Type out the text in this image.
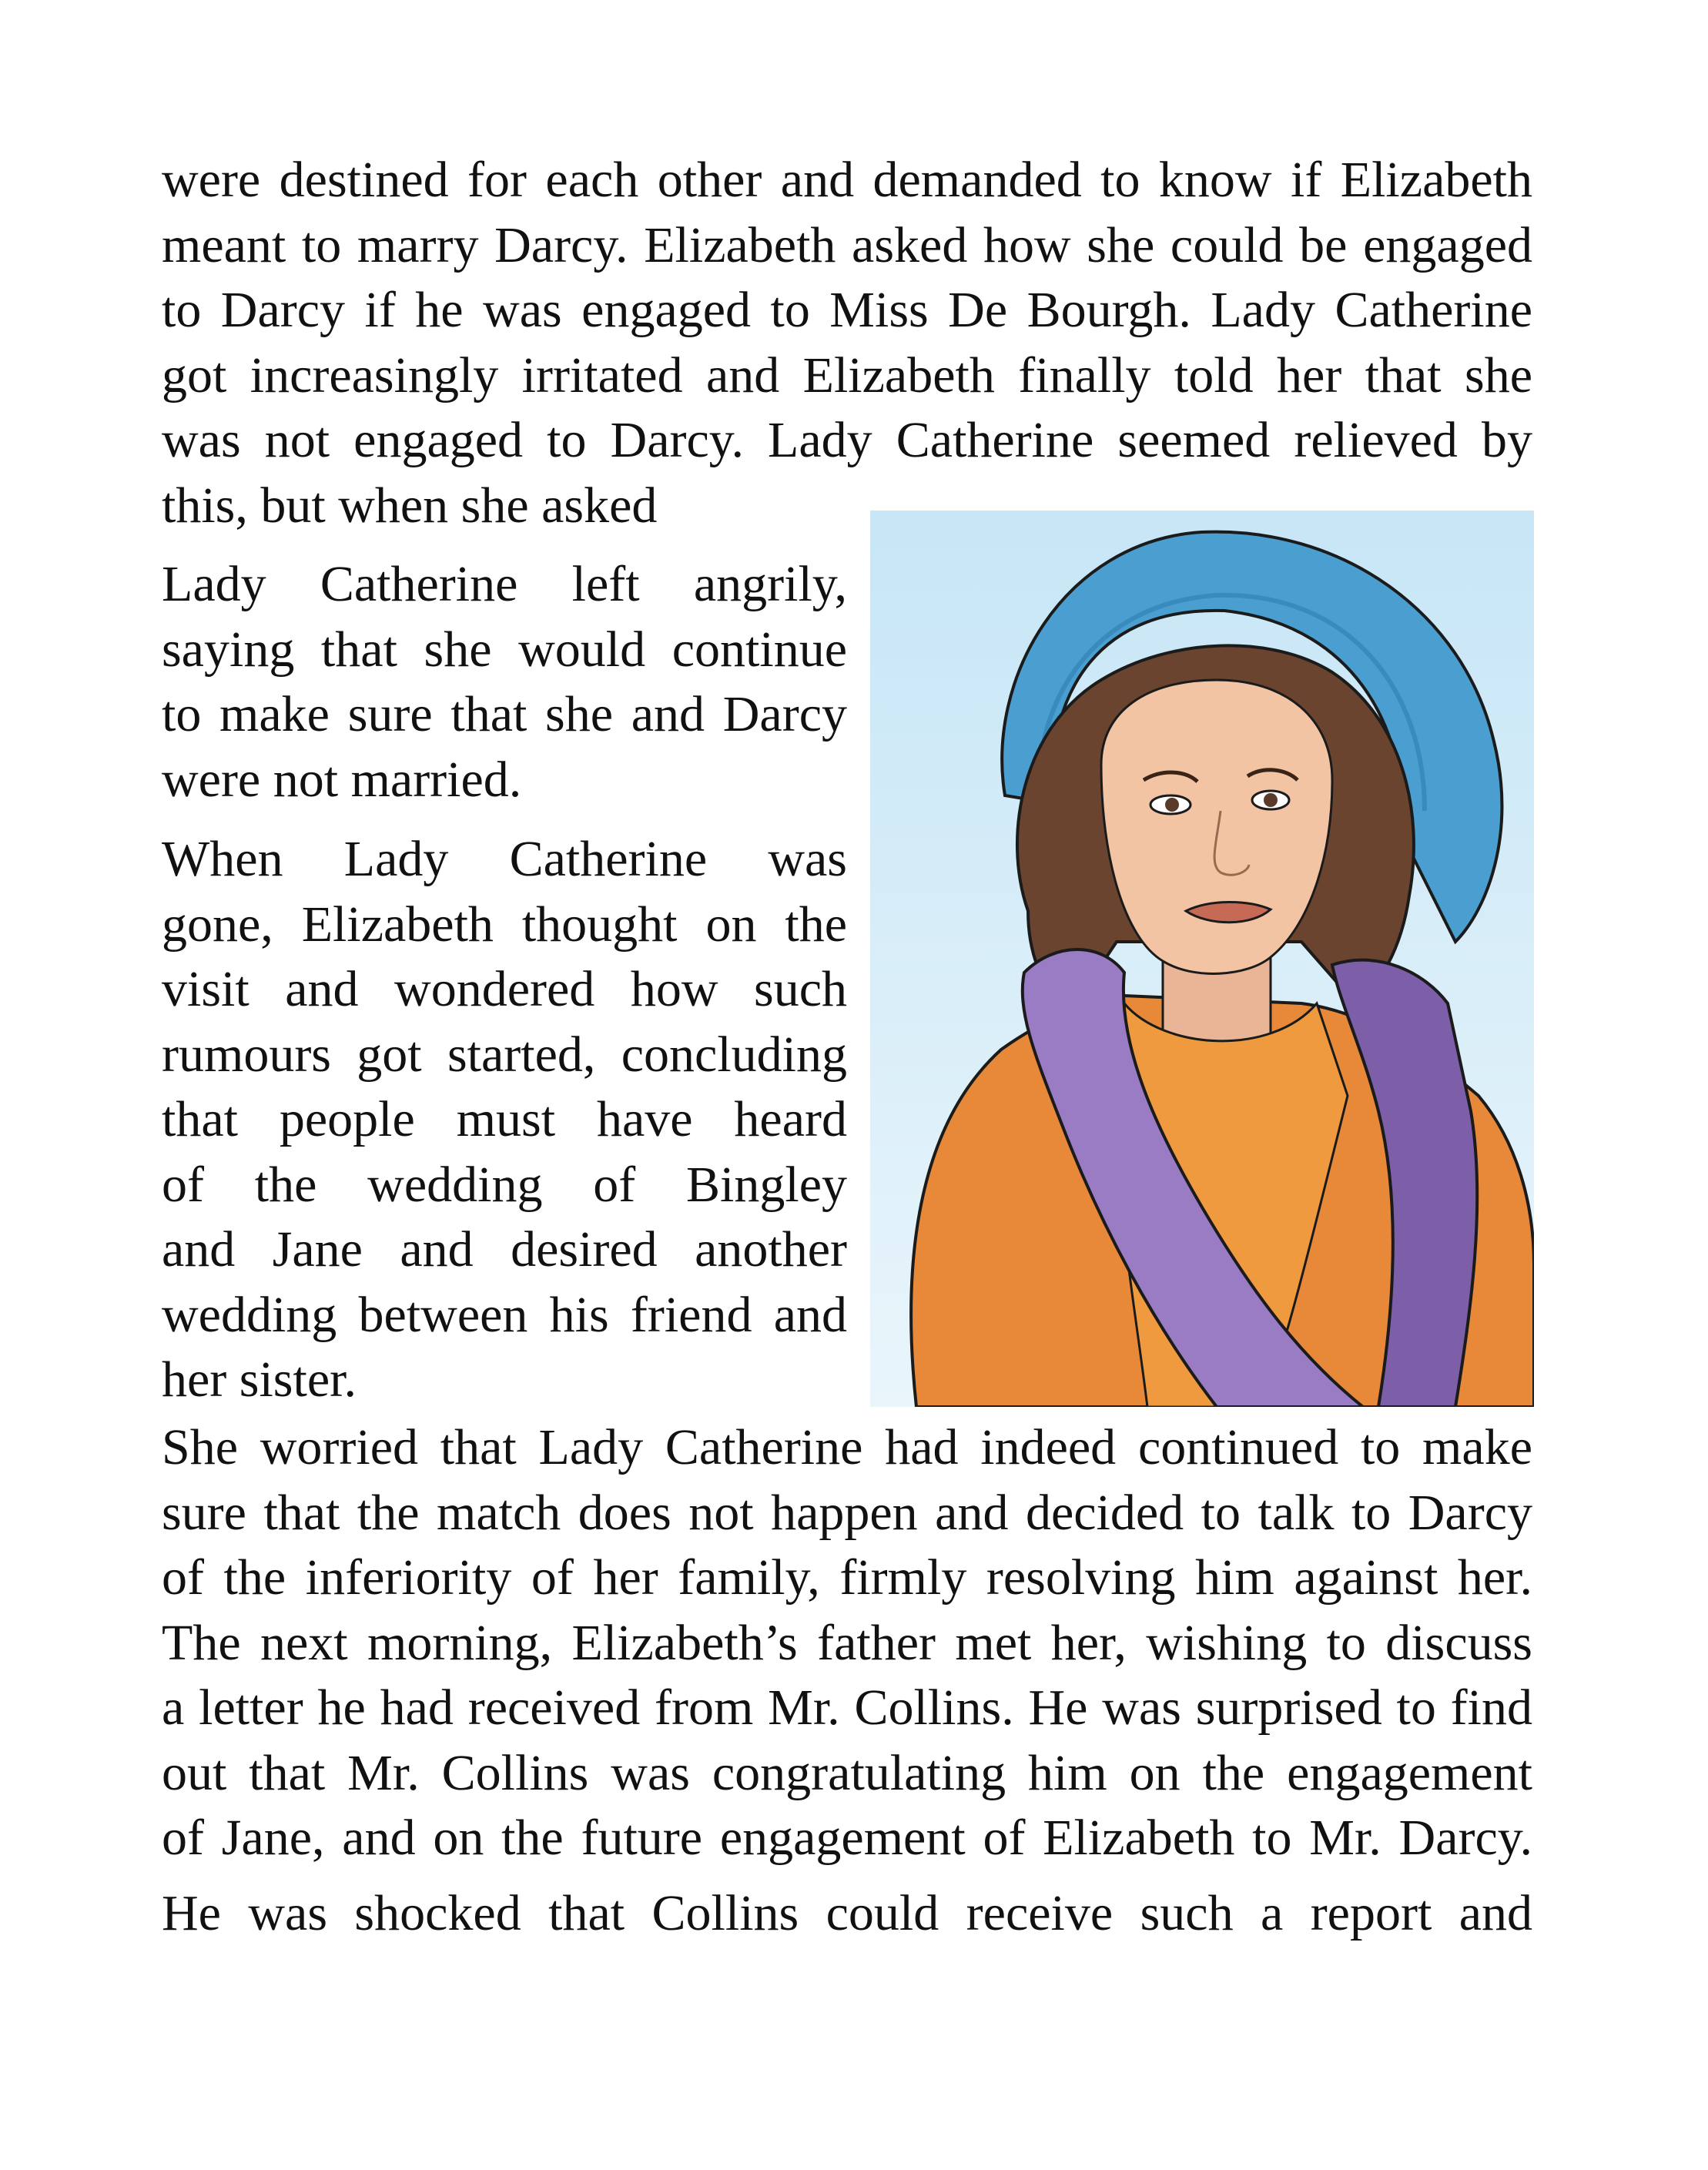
were destined for each other and demanded to know if Elizabeth
meant to marry Darcy. Elizabeth asked how she could be engaged
to Darcy if he was engaged to Miss De Bourgh. Lady Catherine
got increasingly irritated and Elizabeth finally told her that she
was not engaged to Darcy. Lady Catherine seemed relieved by
this, but when she asked
Lady Catherine left angrily,
saying that she would continue
to make sure that she and Darcy
were not married.
When Lady Catherine was
gone, Elizabeth thought on the
visit and wondered how such
rumours got started, concluding
that people must have heard
of the wedding of Bingley
and Jane and desired another
wedding between his friend and
her sister.
She worried that Lady Catherine had indeed continued to make
sure that the match does not happen and decided to talk to Darcy
of the inferiority of her family, firmly resolving him against her.
The next morning, Elizabeth’s father met her, wishing to discuss
a letter he had received from Mr. Collins. He was surprised to find
out that Mr. Collins was congratulating him on the engagement
of Jane, and on the future engagement of Elizabeth to Mr. Darcy.
He was shocked that Collins could receive such a report and
